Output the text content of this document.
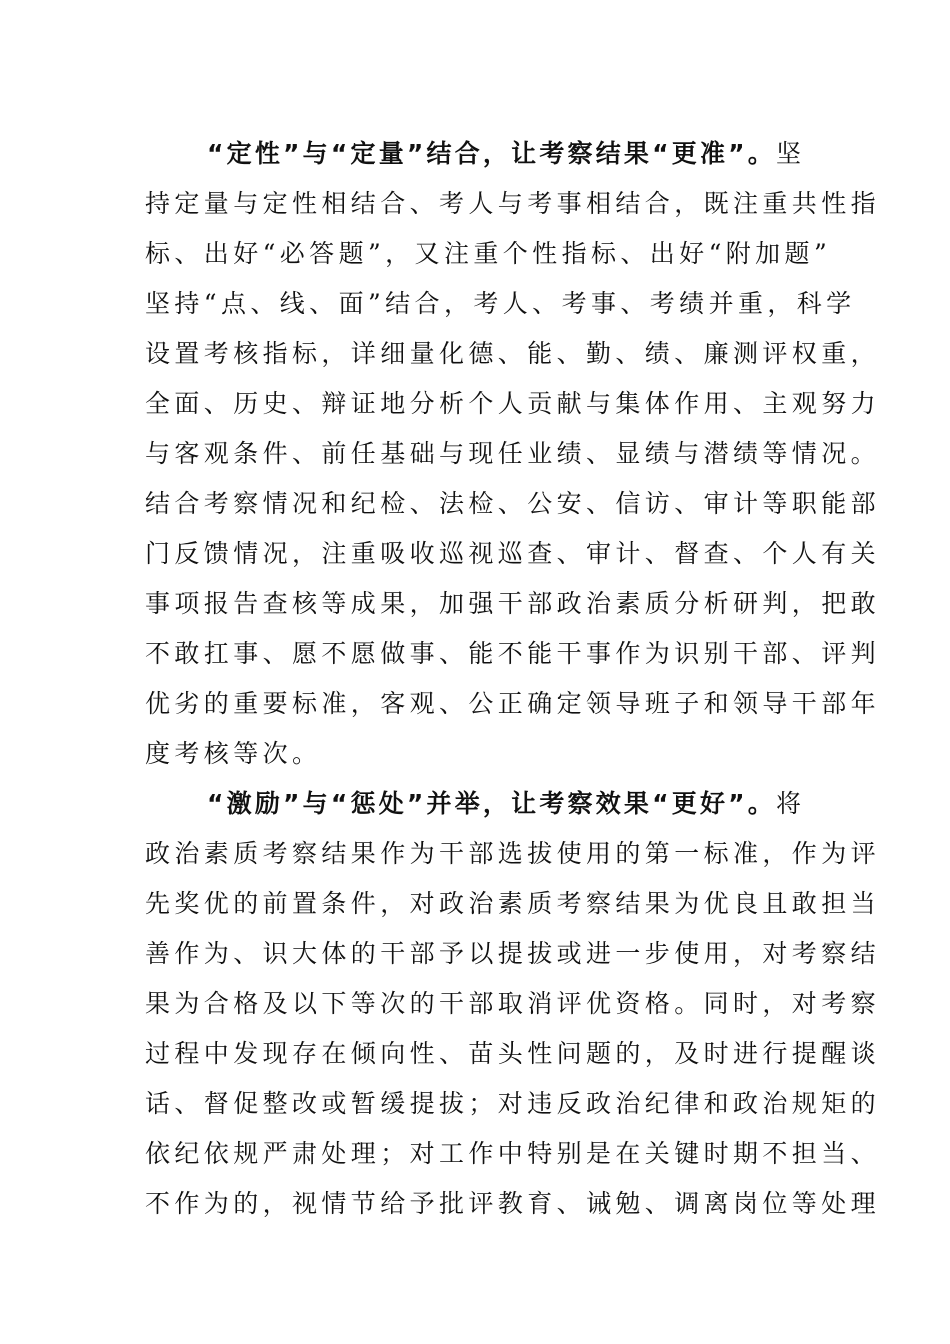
“定性”与“定量”结合，让考察结果“更准”。坚
持定量与定性相结合、考人与考事相结合，既注重共性指
标、出好“必答题”，又注重个性指标、出好“附加题”
坚持“点、线、面”结合，考人、考事、考绩并重，科学
设置考核指标，详细量化德、能、勤、绩、廉测评权重，
全面、历史、辩证地分析个人贡献与集体作用、主观努力
与客观条件、前任基础与现任业绩、显绩与潜绩等情况。
结合考察情况和纪检、法检、公安、信访、审计等职能部
门反馈情况，注重吸收巡视巡查、审计、督查、个人有关
事项报告查核等成果，加强干部政治素质分析研判，把敢
不敢扛事、愿不愿做事、能不能干事作为识别干部、评判
优劣的重要标准，客观、公正确定领导班子和领导干部年
度考核等次。
“激励”与“惩处”并举，让考察效果“更好”。将
政治素质考察结果作为干部选拔使用的第一标准，作为评
先奖优的前置条件，对政治素质考察结果为优良且敢担当
善作为、识大体的干部予以提拔或进一步使用，对考察结
果为合格及以下等次的干部取消评优资格。同时，对考察
过程中发现存在倾向性、苗头性问题的，及时进行提醒谈
话、督促整改或暂缓提拔；对违反政治纪律和政治规矩的
依纪依规严肃处理；对工作中特别是在关键时期不担当、
不作为的，视情节给予批评教育、诫勉、调离岗位等处理
